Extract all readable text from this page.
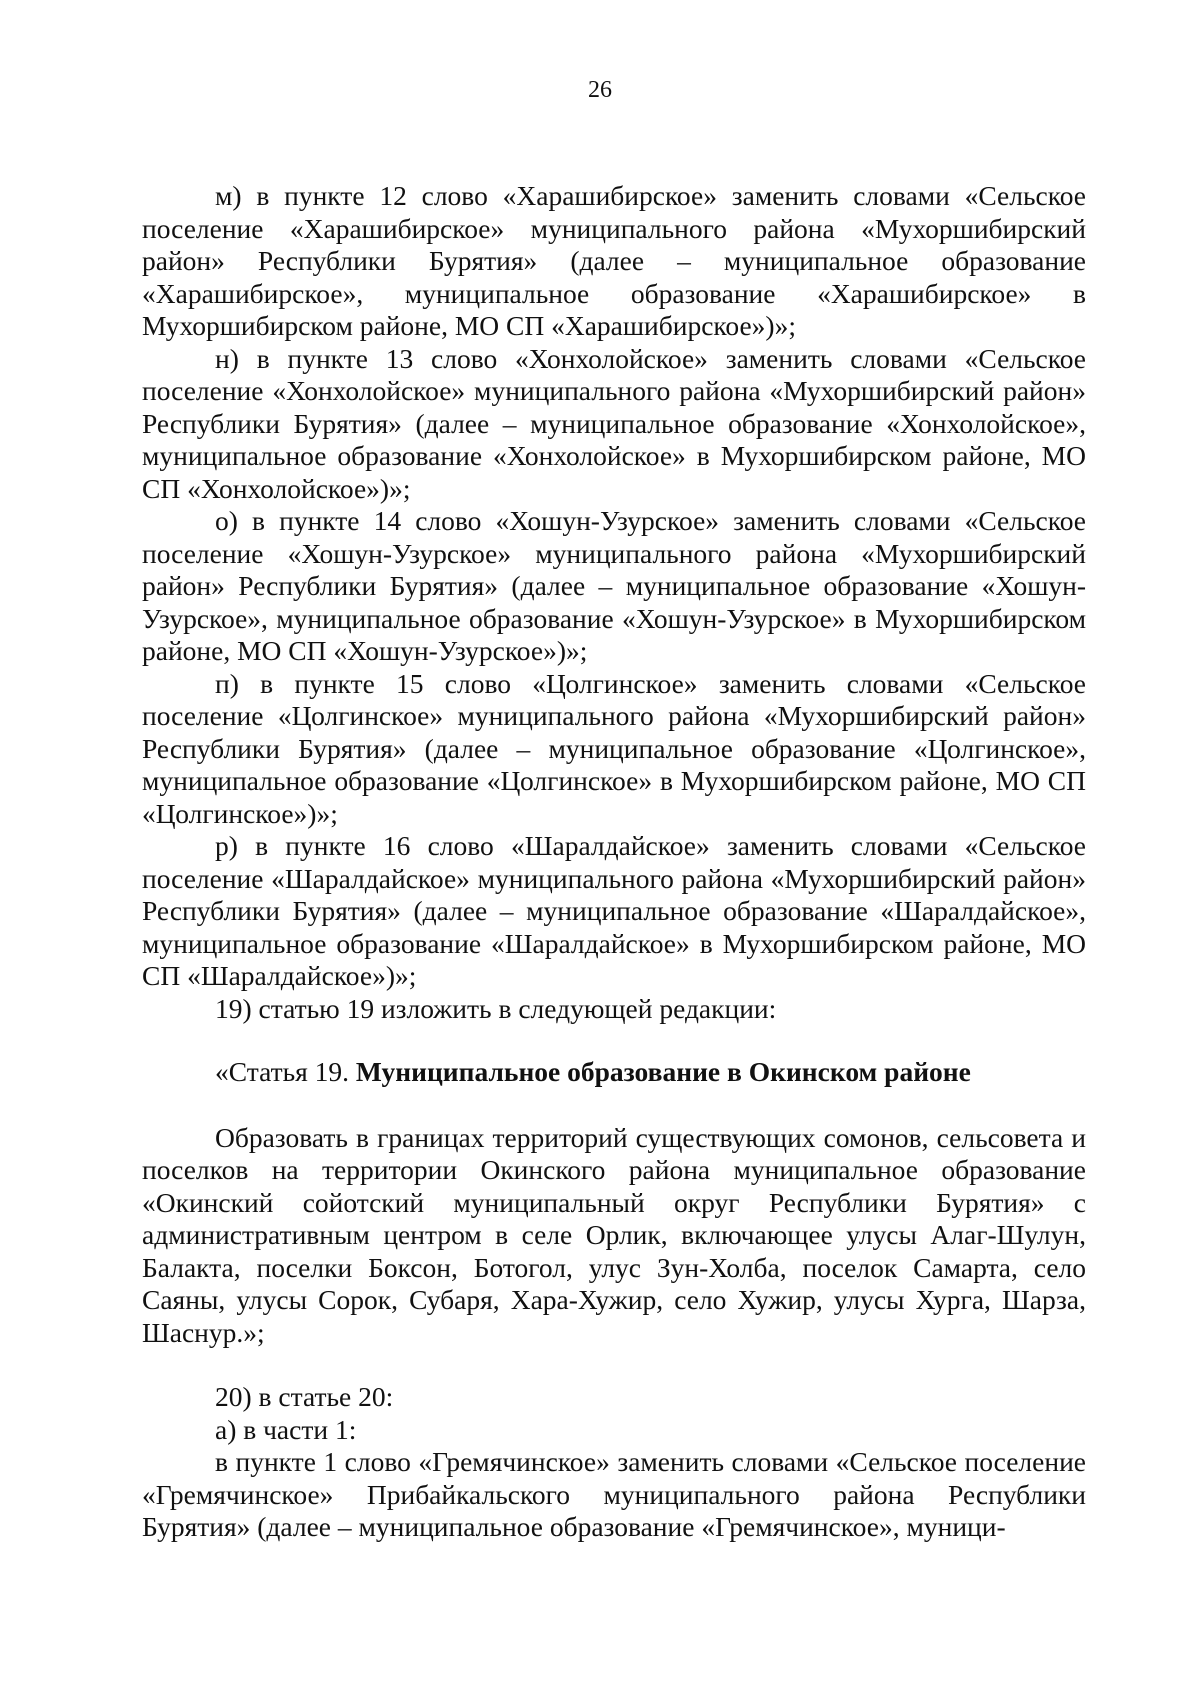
26

м) в пункте 12 слово «Харашибирское» заменить словами «Сельское поселение «Харашибирское» муниципального района «Мухоршибирский район» Республики Бурятия» (далее – муниципальное образование «Харашибирское», муниципальное образование «Харашибирское» в Мухоршибирском районе, МО СП «Харашибирское»)»;

н) в пункте 13 слово «Хонхолойское» заменить словами «Сельское поселение «Хонхолойское» муниципального района «Мухоршибирский район» Республики Бурятия» (далее – муниципальное образование «Хонхолойское», муниципальное образование «Хонхолойское» в Мухоршибирском районе, МО СП «Хонхолойское»)»;

о) в пункте 14 слово «Хошун-Узурское» заменить словами «Сельское поселение «Хошун-Узурское» муниципального района «Мухоршибирский район» Республики Бурятия» (далее – муниципальное образование «Хошун-Узурское», муниципальное образование «Хошун-Узурское» в Мухоршибирском районе, МО СП «Хошун-Узурское»)»;

п) в пункте 15 слово «Цолгинское» заменить словами «Сельское поселение «Цолгинское» муниципального района «Мухоршибирский район» Республики Бурятия» (далее – муниципальное образование «Цолгинское», муниципальное образование «Цолгинское» в Мухоршибирском районе, МО СП «Цолгинское»)»;

р) в пункте 16 слово «Шаралдайское» заменить словами «Сельское поселение «Шаралдайское» муниципального района «Мухоршибирский район» Республики Бурятия» (далее – муниципальное образование «Шаралдайское», муниципальное образование «Шаралдайское» в Мухоршибирском районе, МО СП «Шаралдайское»)»;

19) статью 19 изложить в следующей редакции:

«Статья 19. Муниципальное образование в Окинском районе

Образовать в границах территорий существующих сомонов, сельсовета и поселков на территории Окинского района муниципальное образование «Окинский сойотский муниципальный округ Республики Бурятия» с административным центром в селе Орлик, включающее улусы Алаг-Шулун, Балакта, поселки Боксон, Ботогол, улус Зун-Холба, поселок Самарта, село Саяны, улусы Сорок, Субаря, Хара-Хужир, село Хужир, улусы Хурга, Шарза, Шаснур.»;

20) в статье 20:

а) в части 1:

в пункте 1 слово «Гремячинское» заменить словами «Сельское поселение «Гремячинское» Прибайкальского муниципального района Республики Бурятия» (далее – муниципальное образование «Гремячинское», муници-
